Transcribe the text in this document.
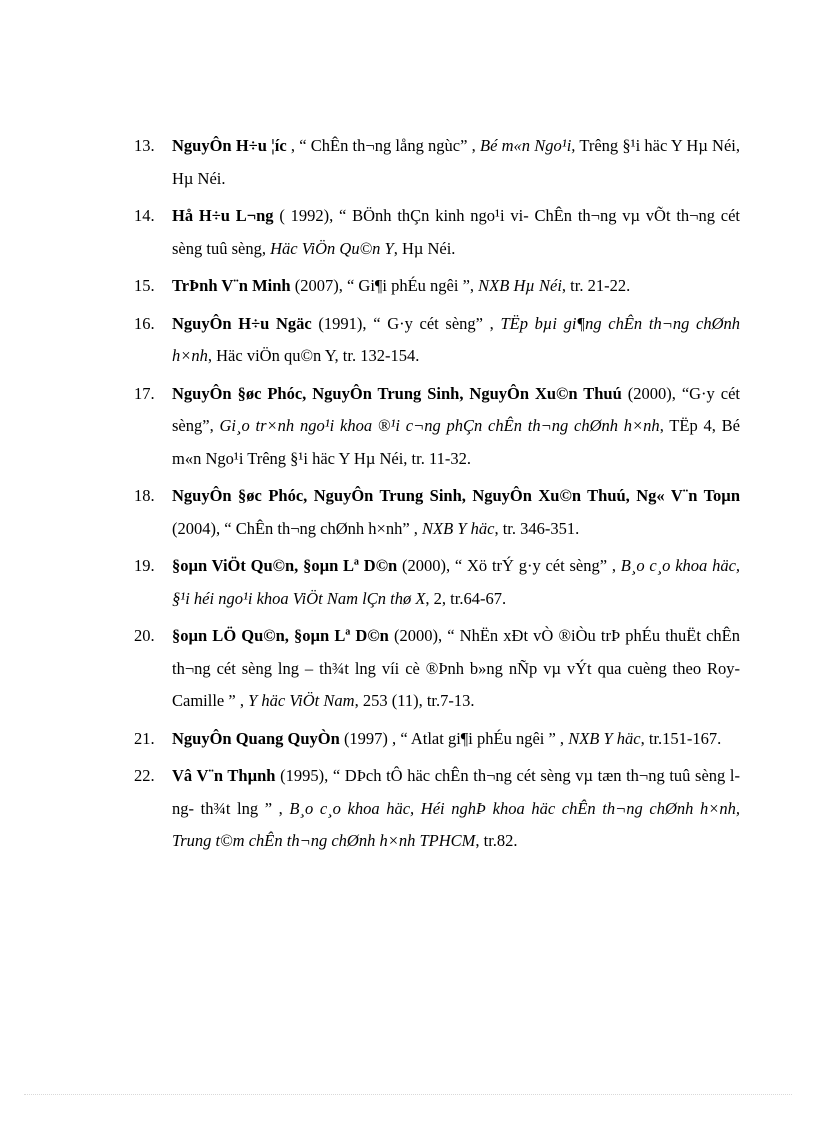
13. NguyÔn H÷u ¦íc , “ ChÊn th¬ng lång ngùc” , Bé m«n Ngo¹i, Trêng §¹i häc Y Hµ Néi, Hµ Néi.
14. Hå H÷u L¬ng ( 1992), “ BÖnh thÇn kinh ngo¹i vi- ChÊn th¬ng vµ vÕt th¬ng cét sèng tuû sèng, Häc ViÖn Qu©n Y, Hµ Néi.
15. TrÞnh V¨n Minh (2007), “ Gi¶i phÉu ngêi ”, NXB Hµ Néi, tr. 21-22.
16. NguyÔn H÷u Ngäc (1991), “ G·y cét sèng” , TËp bµi gi¶ng chÊn th¬ng chØnh h×nh, Häc viÖn qu©n Y, tr. 132-154.
17. NguyÔn §øc Phóc, NguyÔn Trung Sinh, NguyÔn Xu©n Thuú (2000), “G·y cét sèng”, Gi¸o tr×nh ngo¹i khoa ®¹i c¬ng phÇn chÊn th¬ng chØnh h×nh, TËp 4, Bé m«n Ngo¹i Trêng §¹i häc Y Hµ Néi, tr. 11-32.
18. NguyÔn §øc Phóc, NguyÔn Trung Sinh, NguyÔn Xu©n Thuú, Ng« V¨n Toµn (2004), “ ChÊn th¬ng chØnh h×nh” , NXB Y häc, tr. 346-351.
19. §oµn ViÖt Qu©n, §oµn Lª D©n (2000), “ Xö trÝ g·y cét sèng” , B¸o c¸o khoa häc, §¹i héi ngo¹i khoa ViÖt Nam lÇn thø X, 2, tr.64-67.
20. §oµn LÖ Qu©n, §oµn Lª D©n (2000), “ NhËn xÐt vÒ ®iÒu trÞ phÉu thuËt chÊn th¬ng cét sèng lng – th¾t lng víi cè ®Þnh b»ng nÑp vµ vÝt qua cuèng theo Roy- Camille ” , Y häc ViÖt Nam, 253 (11), tr.7-13.
21. NguyÔn Quang QuyÒn (1997) , “ Atlat gi¶i phÉu ngêi ” , NXB Y häc, tr.151-167.
22. Vâ V¨n Thµnh (1995), “ DÞch tÔ häc chÊn th¬ng cét sèng vµ tæn th¬ng tuû sèng lng- th¾t lng ” , B¸o c¸o khoa häc, Héi nghÞ khoa häc chÊn th¬ng chØnh h×nh, Trung t©m chÊn th¬ng chØnh h×nh TPHCM, tr.82.
